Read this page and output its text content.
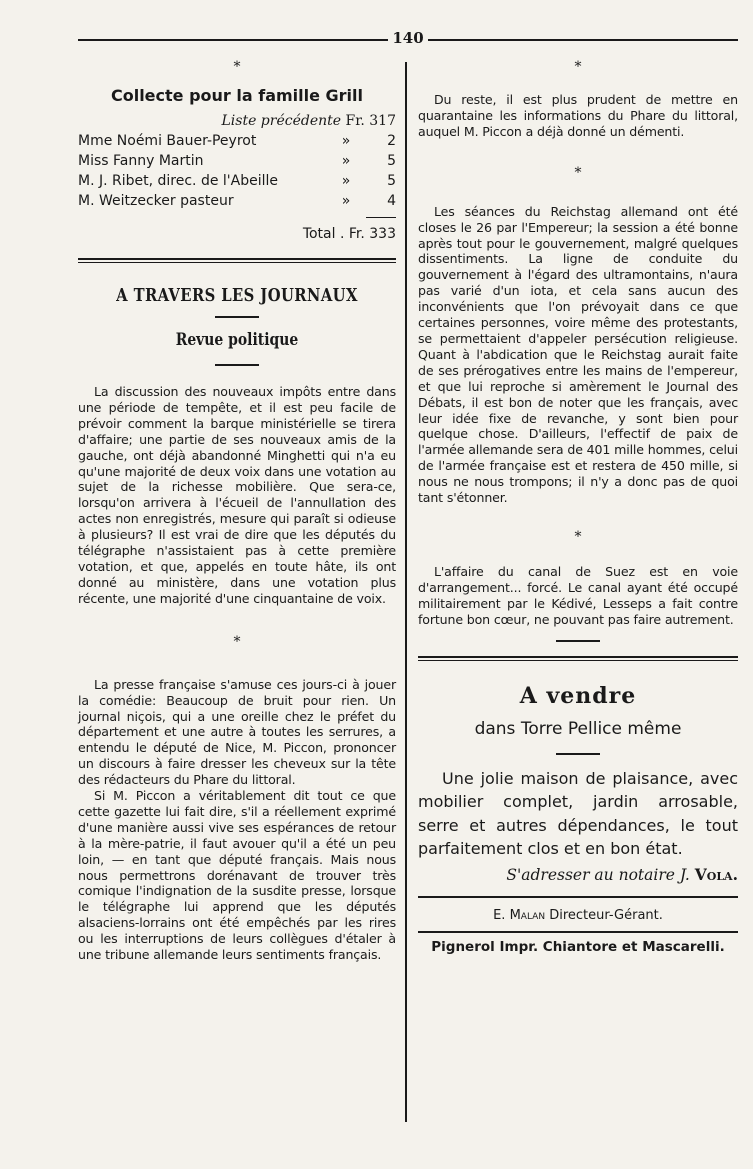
140
*
Collecte pour la famille Grill
Liste précédente Fr. 317
Mme Noémi Bauer-Peyrot	»	2
Miss Fanny Martin	»	5
M. J. Ribet, direc. de l'Abeille	»	5
M. Weitzecker pasteur	»	4
Total . Fr. 333
A TRAVERS LES JOURNAUX
Revue politique

La discussion des nouveaux impôts entre dans une période de tempête, et il est peu facile de prévoir comment la barque ministérielle se tirera d'affaire; une partie de ses nouveaux amis de la gauche, ont déjà abandonné Minghetti qui n'a eu qu'une majorité de deux voix dans une votation au sujet de la richesse mobilière. Que sera-ce, lorsqu'on arrivera à l'écueil de l'annullation des actes non enregistrés, mesure qui paraît si odieuse à plusieurs? Il est vrai de dire que les députés du télégraphe n'assistaient pas à cette première votation, et que, appelés en toute hâte, ils ont donné au ministère, dans une votation plus récente, une majorité d'une cinquantaine de voix.

*

La presse française s'amuse ces jours-ci à jouer la comédie: Beaucoup de bruit pour rien. Un journal niçois, qui a une oreille chez le préfet du département et une autre à toutes les serrures, a entendu le député de Nice, M. Piccon, prononcer un discours à faire dresser les cheveux sur la tête des rédacteurs du Phare du littoral.

Si M. Piccon a véritablement dit tout ce que cette gazette lui fait dire, s'il a réellement exprimé d'une manière aussi vive ses espérances de retour à la mère-patrie, il faut avouer qu'il a été un peu loin, — en tant que député français. Mais nous nous permettrons dorénavant de trouver très comique l'indignation de la susdite presse, lorsque le télégraphe lui apprend que les députés alsaciens-lorrains ont été empêchés par les rires ou les interruptions de leurs collègues d'étaler à une tribune allemande leurs sentiments français.

*

Du reste, il est plus prudent de mettre en quarantaine les informations du Phare du littoral, auquel M. Piccon a déjà donné un démenti.

*

Les séances du Reichstag allemand ont été closes le 26 par l'Empereur; la session a été bonne après tout pour le gouvernement, malgré quelques dissentiments. La ligne de conduite du gouvernement à l'égard des ultramontains, n'aura pas varié d'un iota, et cela sans aucun des inconvénients que l'on prévoyait dans ce que certaines personnes, voire même des protestants, se permettaient d'appeler persécution religieuse. Quant à l'abdication que le Reichstag aurait faite de ses prérogatives entre les mains de l'empereur, et que lui reproche si amèrement le Journal des Débats, il est bon de noter que les français, avec leur idée fixe de revanche, y sont bien pour quelque chose. D'ailleurs, l'effectif de paix de l'armée allemande sera de 401 mille hommes, celui de l'armée française est et restera de 450 mille, si nous ne nous trompons; il n'y a donc pas de quoi tant s'étonner.

*

L'affaire du canal de Suez est en voie d'arrangement... forcé. Le canal ayant été occupé militairement par le Kédivé, Lesseps a fait contre fortune bon cœur, ne pouvant pas faire autrement.

A vendre
dans Torre Pellice même

Une jolie maison de plaisance, avec mobilier complet, jardin arrosable, serre et autres dépendances, le tout parfaitement clos et en bon état.

S'adresser au notaire J. Vola.
E. Malan Directeur-Gérant.
Pignerol Impr. Chiantore et Mascarelli.
